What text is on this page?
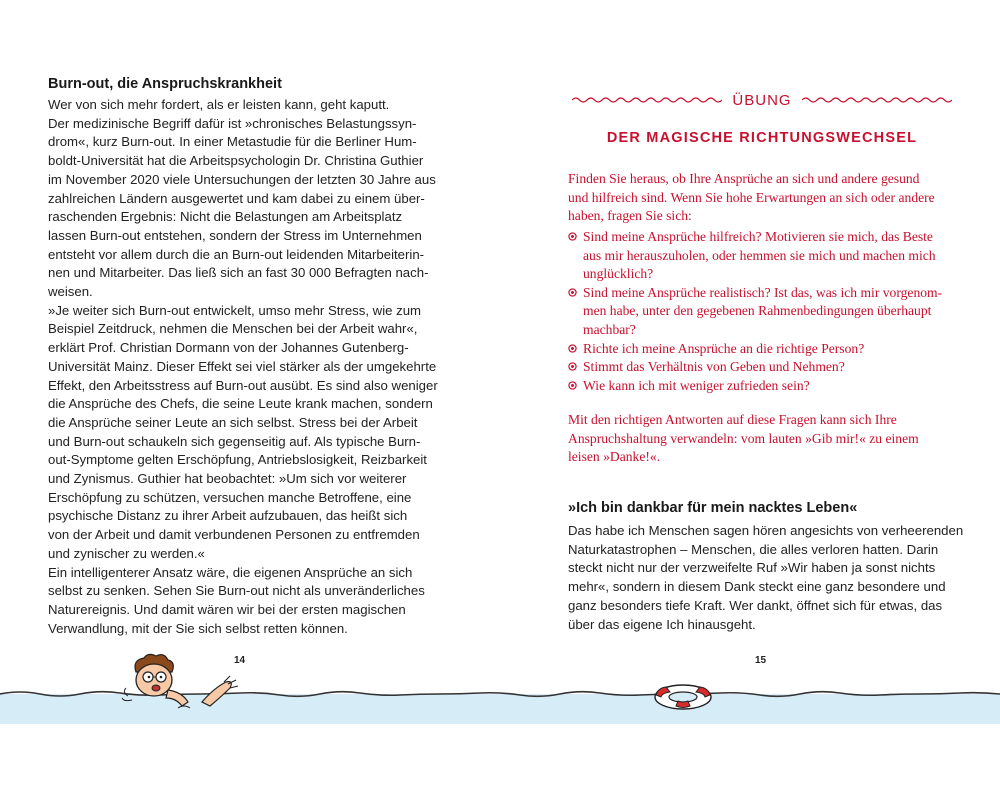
Burn-out, die Anspruchskrankheit
Wer von sich mehr fordert, als er leisten kann, geht kaputt.
Der medizinische Begriff dafür ist »chronisches Belastungssyn-
drom«, kurz Burn-out. In einer Metastudie für die Berliner Hum-
boldt-Universität hat die Arbeitspsychologin Dr. Christina Guthier
im November 2020 viele Untersuchungen der letzten 30 Jahre aus
zahlreichen Ländern ausgewertet und kam dabei zu einem über-
raschenden Ergebnis: Nicht die Belastungen am Arbeitsplatz
lassen Burn-out entstehen, sondern der Stress im Unternehmen
entsteht vor allem durch die an Burn-out leidenden Mitarbeiterin-
nen und Mitarbeiter. Das ließ sich an fast 30 000 Befragten nach-
weisen.
»Je weiter sich Burn-out entwickelt, umso mehr Stress, wie zum
Beispiel Zeitdruck, nehmen die Menschen bei der Arbeit wahr«,
erklärt Prof. Christian Dormann von der Johannes Gutenberg-
Universität Mainz. Dieser Effekt sei viel stärker als der umgekehrte
Effekt, den Arbeitsstress auf Burn-out ausübt. Es sind also weniger
die Ansprüche des Chefs, die seine Leute krank machen, sondern
die Ansprüche seiner Leute an sich selbst. Stress bei der Arbeit
und Burn-out schaukeln sich gegenseitig auf. Als typische Burn-
out-Symptome gelten Erschöpfung, Antriebslosigkeit, Reizbarkeit
und Zynismus. Guthier hat beobachtet: »Um sich vor weiterer
Erschöpfung zu schützen, versuchen manche Betroffene, eine
psychische Distanz zu ihrer Arbeit aufzubauen, das heißt sich
von der Arbeit und damit verbundenen Personen zu entfremden
und zynischer zu werden.«
Ein intelligenterer Ansatz wäre, die eigenen Ansprüche an sich
selbst zu senken. Sehen Sie Burn-out nicht als unveränderliches
Naturereignis. Und damit wären wir bei der ersten magischen
Verwandlung, mit der Sie sich selbst retten können.
14
ÜBUNG
DER MAGISCHE RICHTUNGSWECHSEL
Finden Sie heraus, ob Ihre Ansprüche an sich und andere gesund
und hilfreich sind. Wenn Sie hohe Erwartungen an sich oder andere
haben, fragen Sie sich:
Sind meine Ansprüche hilfreich? Motivieren sie mich, das Beste
aus mir herauszuholen, oder hemmen sie mich und machen mich
unglücklich?
Sind meine Ansprüche realistisch? Ist das, was ich mir vorgenom-
men habe, unter den gegebenen Rahmenbedingungen überhaupt
machbar?
Richte ich meine Ansprüche an die richtige Person?
Stimmt das Verhältnis von Geben und Nehmen?
Wie kann ich mit weniger zufrieden sein?
Mit den richtigen Antworten auf diese Fragen kann sich Ihre
Anspruchshaltung verwandeln: vom lauten »Gib mir!« zu einem
leisen »Danke!«.
»Ich bin dankbar für mein nacktes Leben«
Das habe ich Menschen sagen hören angesichts von verheerenden
Naturkatastrophen – Menschen, die alles verloren hatten. Darin
steckt nicht nur der verzweifelte Ruf »Wir haben ja sonst nichts
mehr«, sondern in diesem Dank steckt eine ganz besondere und
ganz besonders tiefe Kraft. Wer dankt, öffnet sich für etwas, das
über das eigene Ich hinausgeht.
15
